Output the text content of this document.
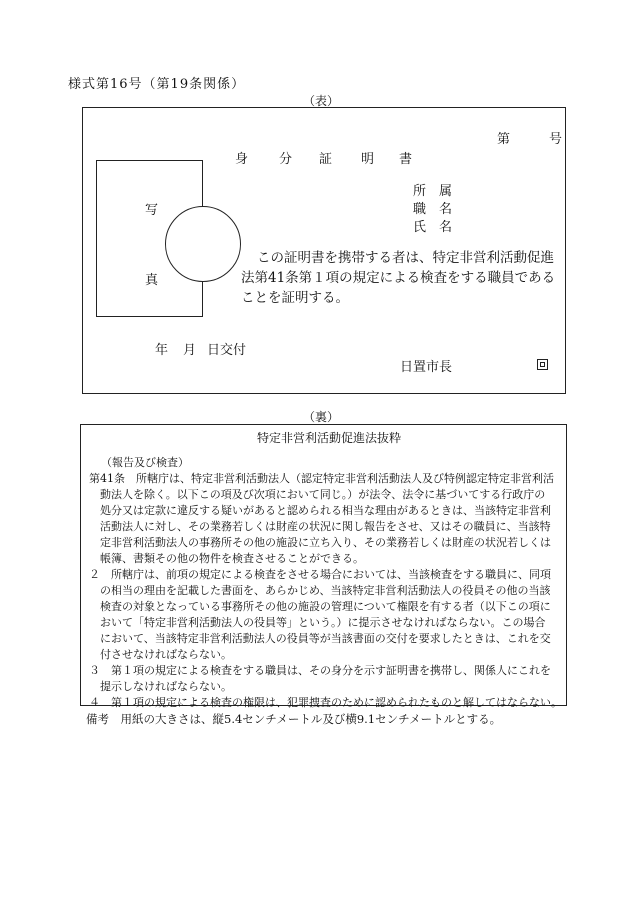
様式第16号（第19条関係）
（表）
第	号
身 分 証 明 書
写
真
所 属
職 名
氏 名
この証明書を携帯する者は、特定非営利活動促進
法第41条第１項の規定による検査をする職員である
ことを証明する。
年 月 日交付
日置市長
（裏）
特定非営利活動促進法抜粋
（報告及び検査）
第41条　所轄庁は、特定非営利活動法人（認定特定非営利活動法人及び特例認定特定非営利活
動法人を除く。以下この項及び次項において同じ。）が法令、法令に基づいてする行政庁の
処分又は定款に違反する疑いがあると認められる相当な理由があるときは、当該特定非営利
活動法人に対し、その業務若しくは財産の状況に関し報告をさせ、又はその職員に、当該特
定非営利活動法人の事務所その他の施設に立ち入り、その業務若しくは財産の状況若しくは
帳簿、書類その他の物件を検査させることができる。
２　所轄庁は、前項の規定による検査をさせる場合においては、当該検査をする職員に、同項
の相当の理由を記載した書面を、あらかじめ、当該特定非営利活動法人の役員その他の当該
検査の対象となっている事務所その他の施設の管理について権限を有する者（以下この項に
おいて「特定非営利活動法人の役員等」という。）に提示させなければならない。この場合
において、当該特定非営利活動法人の役員等が当該書面の交付を要求したときは、これを交
付させなければならない。
３　第１項の規定による検査をする職員は、その身分を示す証明書を携帯し、関係人にこれを
提示しなければならない。
４　第１項の規定による検査の権限は、犯罪捜査のために認められたものと解してはならない。
備考　用紙の大きさは、縦5.4センチメートル及び横9.1センチメートルとする。
